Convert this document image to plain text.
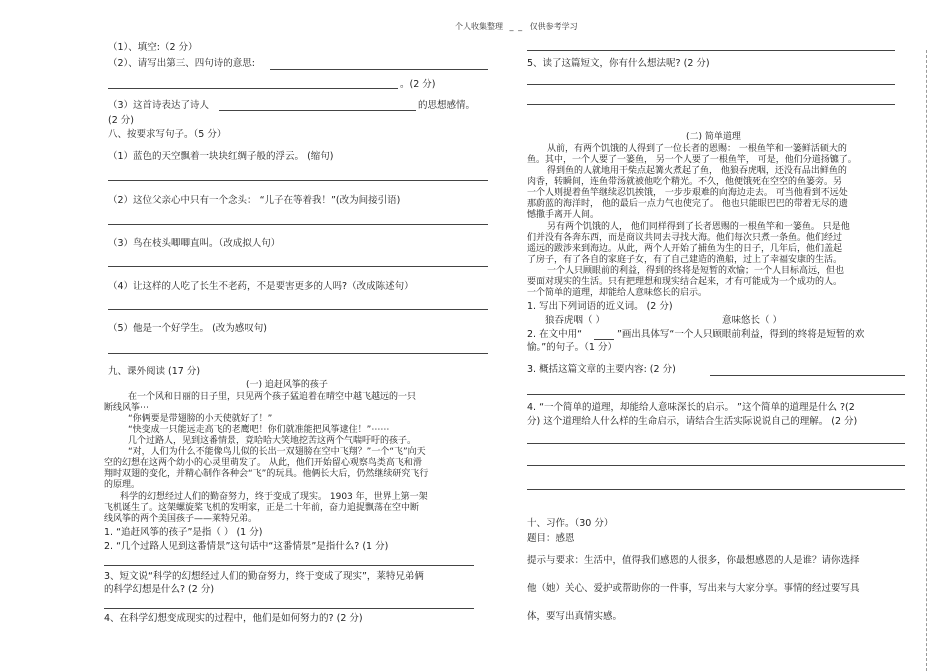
个人收集整理 _ _ 仅供参考学习
（1）、填空:（2 分）
（2）、请写出第三、四句诗的意思:
。(2 分)
（3）这首诗表达了诗人	的思想感情。
(2 分)
八、按要求写句子。（5 分）
（1）蓝色的天空飘着一块块红绸子般的浮云。 (缩句)
（2）这位父亲心中只有一个念头： “儿子在等着我！”(改为间接引语)
（3）鸟在枝头唧唧直叫。（改成拟人句）
（4）让这样的人吃了长生不老药，不是要害更多的人吗?（改成陈述句）
（5）他是一个好学生。 (改为感叹句)
九、课外阅读 (17 分)
(一) 追赶风筝的孩子
在一个风和日丽的日子里，只见两个孩子猛追着在晴空中越飞越远的一只
断线风筝⋯
“你俩要是带翅膀的小天使就好了！”
“快变成一只能远走高飞的老鹰吧！你们就准能把风筝逮住！”⋯⋯
几个过路人，见到这番情景，竟哈哈大笑地挖苦这两个气喘吁吁的孩子。
“对，人们为什么不能像鸟儿似的长出一双翅膀在空中飞翔？”一个“飞”向天
空的幻想在这两个幼小的心灵里萌发了。 从此，他们开始留心观察鸟类高飞和滑
翔时双翅的变化，并精心制作各种会“飞”的玩具。他俩长大后，仍然继续研究飞行
的原理。
科学的幻想经过人们的勤奋努力，终于变成了现实。 1903 年，世界上第一架
飞机诞生了。这架螺旋桨飞机的发明家，正是二十年前，奋力追捉飘荡在空中断
线风筝的两个美国孩子——莱特兄弟。
1. “追赶风筝的孩子”是指（ ） (1 分)
2. “几个过路人见到这番情景”这句话中“这番情景”是指什么? (1 分)
3、短文说“科学的幻想经过人们的勤奋努力，终于变成了现实”，莱特兄弟俩
的科学幻想是什么? (2 分)
4、在科学幻想变成现实的过程中，他们是如何努力的? (2 分)
5、读了这篇短文，你有什么想法呢? (2 分)
(二) 简单道理
从前，有两个饥饿的人得到了一位长者的恩赐： 一根鱼竿和一篓鲜活硕大的
鱼。其中，一个人要了一篓鱼， 另一个人要了一根鱼竿， 可是，他们分道扬镳了。
得到鱼的人就地用干柴点起篝火煮起了鱼， 他狼吞虎咽，还没有品出鲜鱼的
肉香，转瞬间，连鱼带汤就被他吃个精光。不久，他便饿死在空空的鱼篓旁。另
一个人则提着鱼竿继续忍饥挨饿， 一步步艰难的向海边走去。 可当他看到不远处
那蔚蓝的海洋时， 他的最后一点力气也使完了。 他也只能眼巴巴的带着无尽的遗
憾撒手离开人间。
另有两个饥饿的人， 他们同样得到了长者恩赐的一根鱼竿和一篓鱼。 只是他
们并没有各奔东西，而是商议共同去寻找大海。他们每次只煮一条鱼。他们经过
遥远的跋涉来到海边。从此，两个人开始了捕鱼为生的日子，几年后，他们盖起
了房子，有了各自的家庭子女，有了自己建造的渔船，过上了幸福安康的生活。
一个人只顾眼前的利益，得到的终将是短暂的欢愉；一个人目标高远，但也
要面对现实的生活。只有把理想和现实结合起来，才有可能成为一个成功的人。
一个简单的道理，却能给人意味悠长的启示。
1. 写出下列词语的近义词。 (2 分)
狼吞虎咽（ ）	意味悠长（ ）
2. 在文中用“	”画出具体写“一个人只顾眼前利益，得到的终将是短暂的欢
愉。”的句子。（1 分）
3. 概括这篇文章的主要内容: (2 分)
4. “一个简单的道理，却能给人意味深长的启示。 ”这个简单的道理是什么 ?(2
分) 这个道理给人什么样的生命启示，请结合生活实际说说自己的理解。 (2 分)
十、习作。（30 分）
题目：感恩
提示与要求：生活中，值得我们感恩的人很多，你最想感恩的人是谁？请你选择
他（她）关心、爱护或帮助你的一件事，写出来与大家分享。事情的经过要写具
体，要写出真情实感。
